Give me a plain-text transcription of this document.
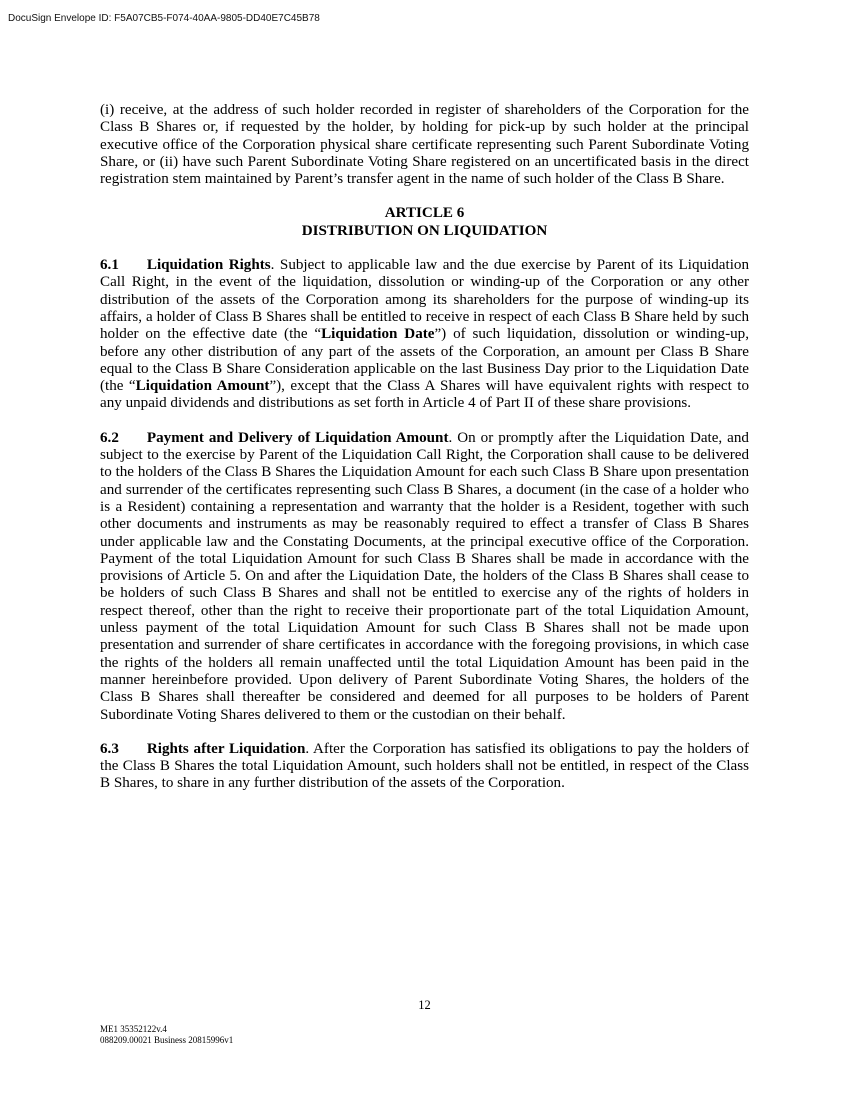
DocuSign Envelope ID: F5A07CB5-F074-40AA-9805-DD40E7C45B78

(i) receive, at the address of such holder recorded in register of shareholders of the Corporation for the Class B Shares or, if requested by the holder, by holding for pick-up by such holder at the principal executive office of the Corporation physical share certificate representing such Parent Subordinate Voting Share, or (ii) have such Parent Subordinate Voting Share registered on an uncertificated basis in the direct registration stem maintained by Parent’s transfer agent in the name of such holder of the Class B Share.

ARTICLE 6
DISTRIBUTION ON LIQUIDATION

6.1 Liquidation Rights. Subject to applicable law and the due exercise by Parent of its Liquidation Call Right, in the event of the liquidation, dissolution or winding-up of the Corporation or any other distribution of the assets of the Corporation among its shareholders for the purpose of winding-up its affairs, a holder of Class B Shares shall be entitled to receive in respect of each Class B Share held by such holder on the effective date (the “Liquidation Date”) of such liquidation, dissolution or winding-up, before any other distribution of any part of the assets of the Corporation, an amount per Class B Share equal to the Class B Share Consideration applicable on the last Business Day prior to the Liquidation Date (the “Liquidation Amount”), except that the Class A Shares will have equivalent rights with respect to any unpaid dividends and distributions as set forth in Article 4 of Part II of these share provisions.

6.2 Payment and Delivery of Liquidation Amount. On or promptly after the Liquidation Date, and subject to the exercise by Parent of the Liquidation Call Right, the Corporation shall cause to be delivered to the holders of the Class B Shares the Liquidation Amount for each such Class B Share upon presentation and surrender of the certificates representing such Class B Shares, a document (in the case of a holder who is a Resident) containing a representation and warranty that the holder is a Resident, together with such other documents and instruments as may be reasonably required to effect a transfer of Class B Shares under applicable law and the Constating Documents, at the principal executive office of the Corporation. Payment of the total Liquidation Amount for such Class B Shares shall be made in accordance with the provisions of Article 5. On and after the Liquidation Date, the holders of the Class B Shares shall cease to be holders of such Class B Shares and shall not be entitled to exercise any of the rights of holders in respect thereof, other than the right to receive their proportionate part of the total Liquidation Amount, unless payment of the total Liquidation Amount for such Class B Shares shall not be made upon presentation and surrender of share certificates in accordance with the foregoing provisions, in which case the rights of the holders all remain unaffected until the total Liquidation Amount has been paid in the manner hereinbefore provided. Upon delivery of Parent Subordinate Voting Shares, the holders of the Class B Shares shall thereafter be considered and deemed for all purposes to be holders of Parent Subordinate Voting Shares delivered to them or the custodian on their behalf.

6.3 Rights after Liquidation. After the Corporation has satisfied its obligations to pay the holders of the Class B Shares the total Liquidation Amount, such holders shall not be entitled, in respect of the Class B Shares, to share in any further distribution of the assets of the Corporation.

12
ME1 35352122v.4
088209.00021 Business 20815996v1
